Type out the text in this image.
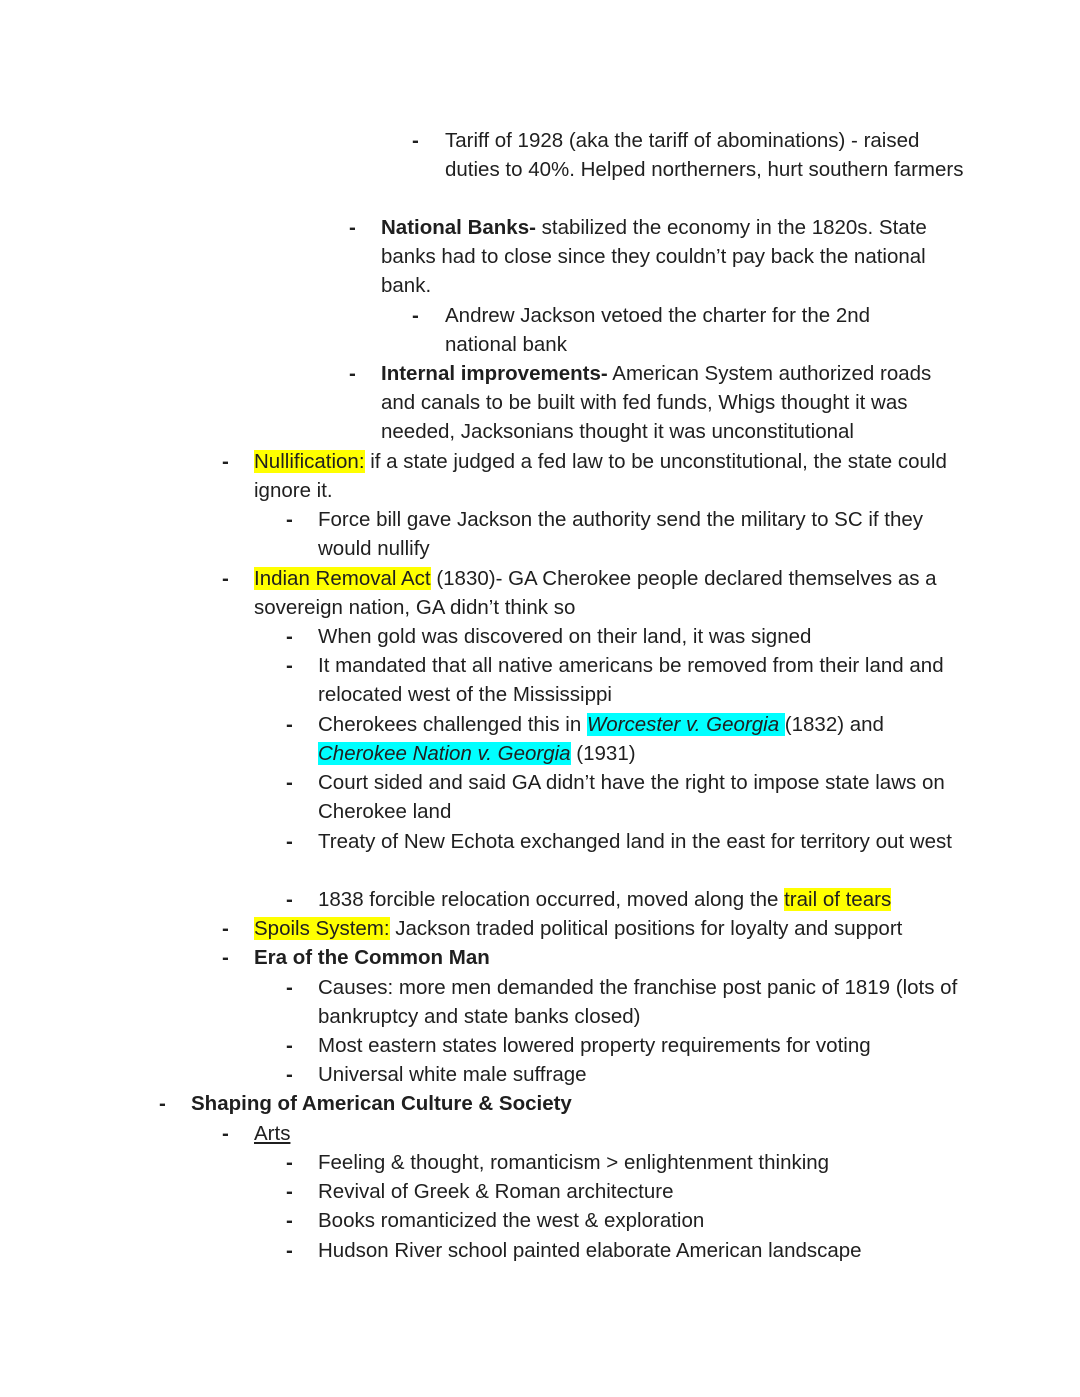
- Tariff of 1928 (aka the tariff of abominations) - raised duties to 40%. Helped northerners, hurt southern farmers
- National Banks- stabilized the economy in the 1820s. State banks had to close since they couldn’t pay back the national bank.
- Andrew Jackson vetoed the charter for the 2nd national bank
- Internal improvements- American System authorized roads and canals to be built with fed funds, Whigs thought it was needed, Jacksonians thought it was unconstitutional
- Nullification: if a state judged a fed law to be unconstitutional, the state could ignore it.
- Force bill gave Jackson the authority send the military to SC if they would nullify
- Indian Removal Act (1830)- GA Cherokee people declared themselves as a sovereign nation, GA didn’t think so
- When gold was discovered on their land, it was signed
- It mandated that all native americans be removed from their land and relocated west of the Mississippi
- Cherokees challenged this in Worcester v. Georgia (1832) and
Cherokee Nation v. Georgia (1931)
- Court sided and said GA didn’t have the right to impose state laws on Cherokee land
- Treaty of New Echota exchanged land in the east for territory out west
- 1838 forcible relocation occurred, moved along the trail of tears
- Spoils System: Jackson traded political positions for loyalty and support
- Era of the Common Man
- Causes: more men demanded the franchise post panic of 1819 (lots of bankruptcy and state banks closed)
- Most eastern states lowered property requirements for voting
- Universal white male suffrage
- Shaping of American Culture & Society
- Arts
- Feeling & thought, romanticism > enlightenment thinking
- Revival of Greek & Roman architecture
- Books romanticized the west & exploration
- Hudson River school painted elaborate American landscape
